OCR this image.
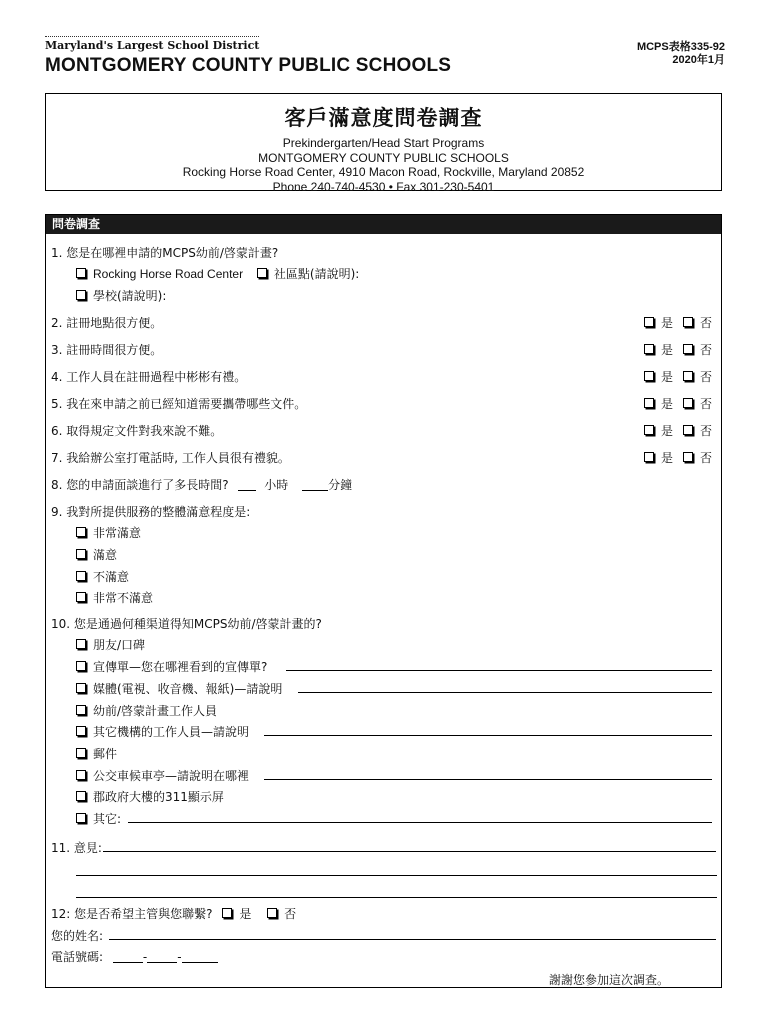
Maryland's Largest School District
MONTGOMERY COUNTY PUBLIC SCHOOLS
MCPS表格335-92
2020年1月
客戶滿意度問卷調查
Prekindergarten/Head Start Programs
MONTGOMERY COUNTY PUBLIC SCHOOLS
Rocking Horse Road Center, 4910 Macon Road, Rockville, Maryland 20852
Phone 240-740-4530 • Fax 301-230-5401
問卷調查
1. 您是在哪裡申請的MCPS幼前/啓蒙計畫?
Rocking Horse Road Center	社區點(請說明):
學校(請說明):
2. 註冊地點很方便。	是 否
3. 註冊時間很方便。	是 否
4. 工作人員在註冊過程中彬彬有禮。	是 否
5. 我在來申請之前已經知道需要攜帶哪些文件。	是 否
6. 取得規定文件對我來說不難。	是 否
7. 我給辦公室打電話時, 工作人員很有禮貌。	是 否
8. 您的申請面談進行了多長時間?	小時	分鐘
9. 我對所提供服務的整體滿意程度是:
非常滿意
滿意
不滿意
非常不滿意
10. 您是通過何種渠道得知MCPS幼前/啓蒙計畫的?
朋友/口碑
宣傳單—您在哪裡看到的宣傳單?
媒體(電視、收音機、報紙)—請說明
幼前/啓蒙計畫工作人員
其它機構的工作人員—請說明
郵件
公交車候車亭—請說明在哪裡
郡政府大樓的311顯示屏
其它:
11. 意見:
12: 您是否希望主管與您聯繫? 是	否
您的姓名:
電話號碼:	-	-
謝謝您參加這次調查。
